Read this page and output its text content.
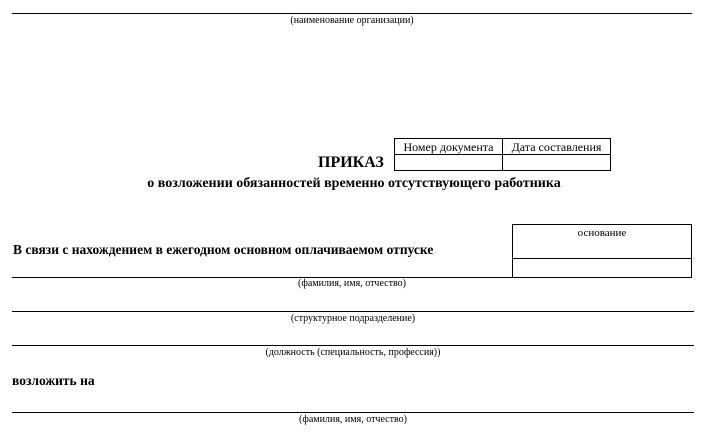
(наименование организации)
Номер документа	Дата составления

ПРИКАЗ
о возложении обязанностей временно отсутствующего работника
В связи с нахождением в ежегодном основном оплачиваемом отпуске
основание

(фамилия, имя, отчество)
(структурное подразделение)
(должность (специальность, профессия))
возложить на
(фамилия, имя, отчество)
